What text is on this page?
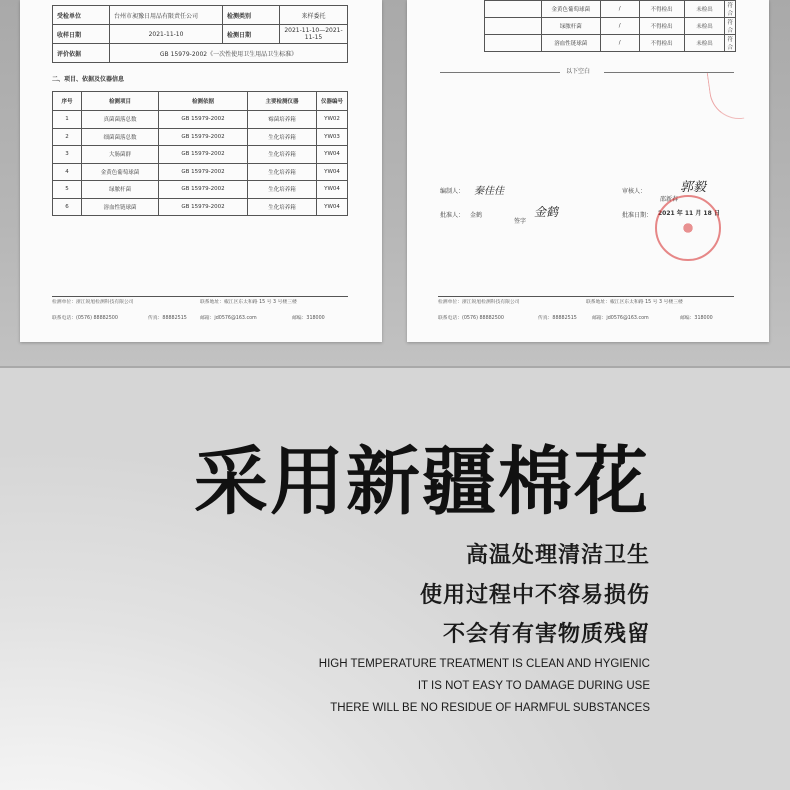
受检单位	台州市昶豫日用品有限责任公司	检测类别	来样委托
收样日期	2021-11-10	检测日期	2021-11-10—2021-11-15
评价依据	GB 15979-2002《一次性使用卫生用品卫生标准》		
二、项目、依据及仪器信息
序号	检测项目	检测依据	主要检测仪器	仪器编号
1	真菌菌落总数	GB 15979-2002	霉菌培养箱	YW02
2	细菌菌落总数	GB 15979-2002	生化培养箱	YW03
3	大肠菌群	GB 15979-2002	生化培养箱	YW04
4	金黄色葡萄球菌	GB 15979-2002	生化培养箱	YW04
5	绿脓杆菌	GB 15979-2002	生化培养箱	YW04
6	溶血性链球菌	GB 15979-2002	生化培养箱	YW04
检测单位：浙江锐旭检测科技有限公司	联系地址：椒江区东太和路 15 号 3 号楼三楼
联系电话：(0576) 88882500	传真：88882515	邮箱：jd0576@163.com	邮编：318000
	金黄色葡萄球菌	/	不得检出	未检出	符合
	绿脓杆菌	/	不得检出	未检出	符合
	溶血性链球菌	/	不得检出	未检出	符合
以下空白
编制人： 秦佳佳	审核人：	郭毅
邵新春
批准人： 金鹤
签字
金鹤	批准日期： 2021 年 11 月 18 日
检测单位：浙江锐旭检测科技有限公司	联系地址：椒江区东太和路 15 号 3 号楼三楼
联系电话：(0576) 88882500	传真：88882515	邮箱：jd0576@163.com	邮编：318000
采用新疆棉花
高温处理清洁卫生
使用过程中不容易损伤
不会有有害物质残留
HIGH TEMPERATURE TREATMENT IS CLEAN AND HYGIENIC
IT IS NOT EASY TO DAMAGE DURING USE
THERE WILL BE NO RESIDUE OF HARMFUL SUBSTANCES
